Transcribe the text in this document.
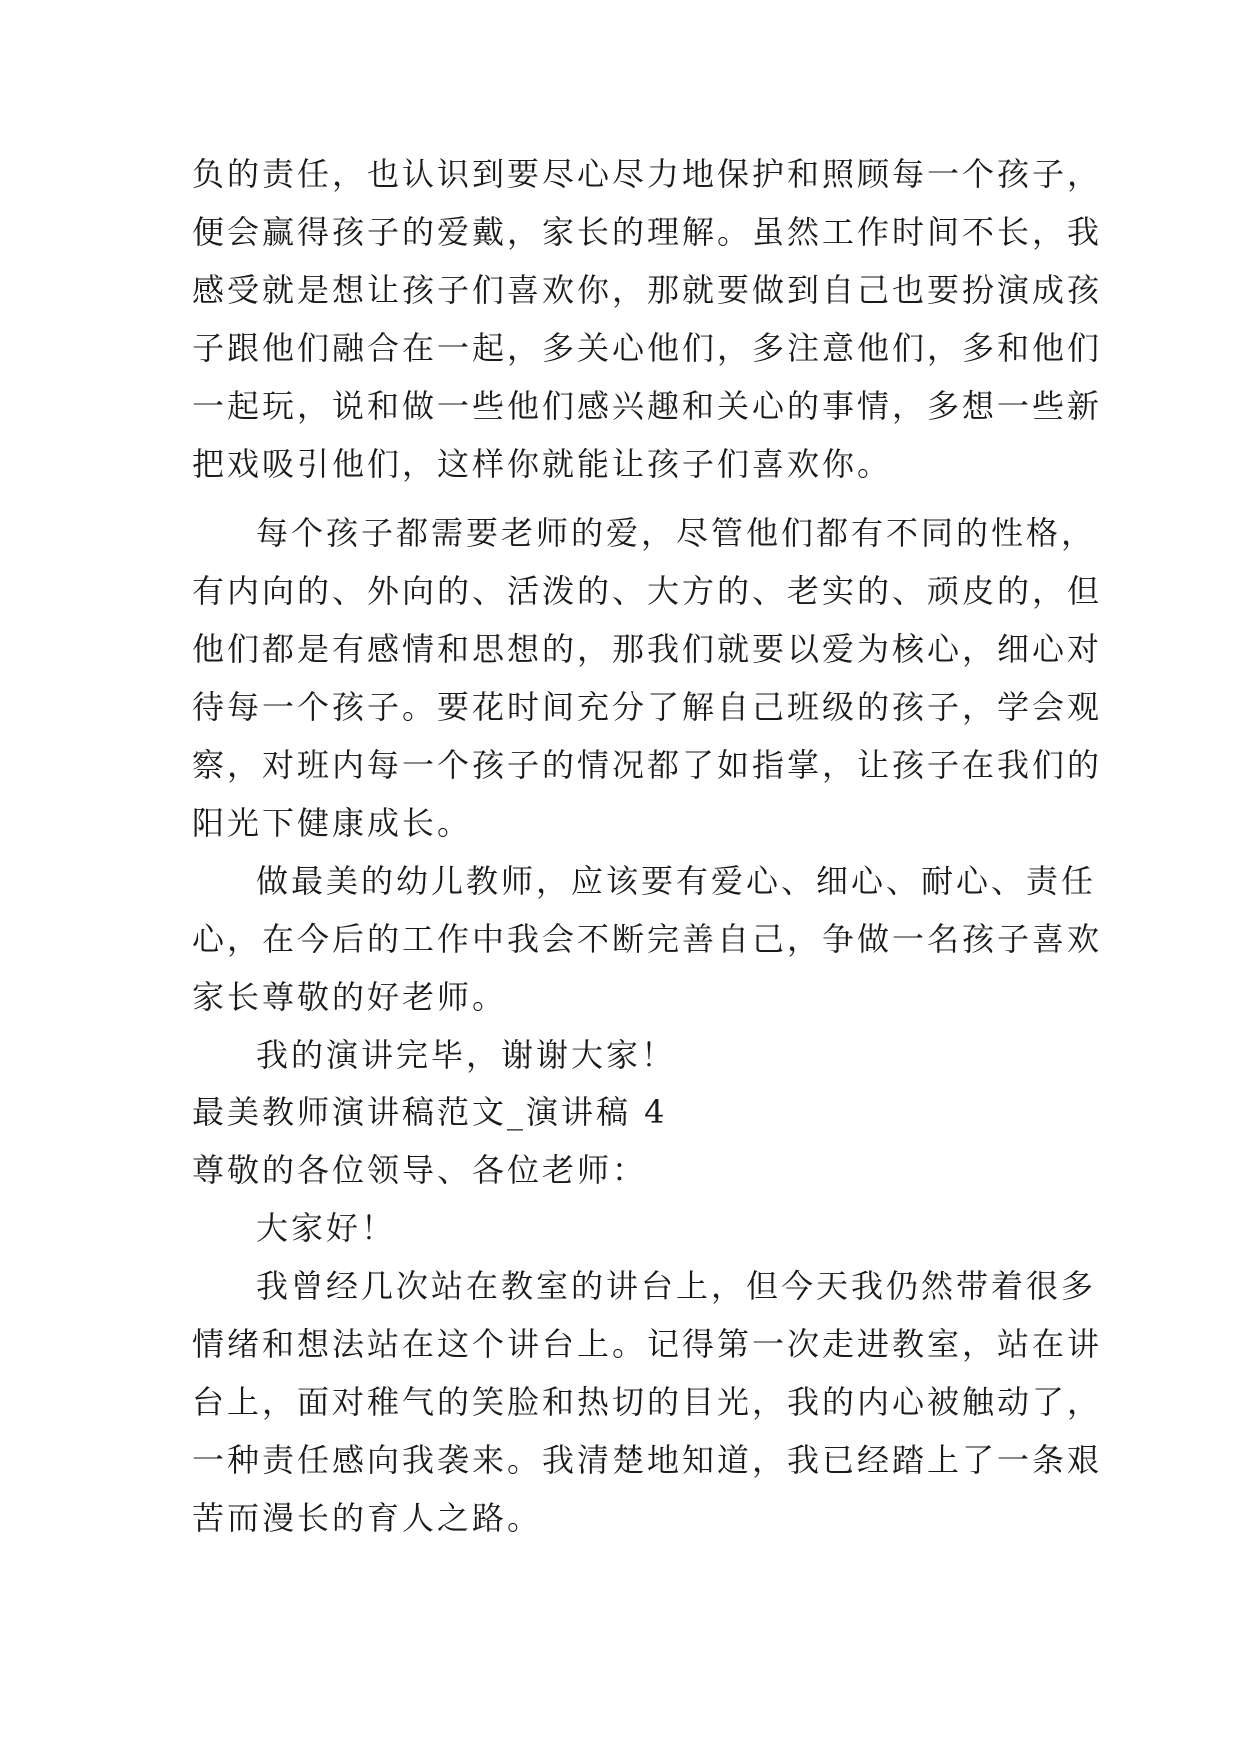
负的责任，也认识到要尽心尽力地保护和照顾每一个孩子，
便会赢得孩子的爱戴，家长的理解。虽然工作时间不长，我
感受就是想让孩子们喜欢你，那就要做到自己也要扮演成孩
子跟他们融合在一起，多关心他们，多注意他们，多和他们
一起玩，说和做一些他们感兴趣和关心的事情，多想一些新
把戏吸引他们，这样你就能让孩子们喜欢你。
每个孩子都需要老师的爱，尽管他们都有不同的性格，
有内向的、外向的、活泼的、大方的、老实的、顽皮的，但
他们都是有感情和思想的，那我们就要以爱为核心，细心对
待每一个孩子。要花时间充分了解自己班级的孩子，学会观
察，对班内每一个孩子的情况都了如指掌，让孩子在我们的
阳光下健康成长。
做最美的幼儿教师，应该要有爱心、细心、耐心、责任
心，在今后的工作中我会不断完善自己，争做一名孩子喜欢
家长尊敬的好老师。
我的演讲完毕，谢谢大家！
最美教师演讲稿范文_演讲稿 4
尊敬的各位领导、各位老师：
大家好！
我曾经几次站在教室的讲台上，但今天我仍然带着很多
情绪和想法站在这个讲台上。记得第一次走进教室，站在讲
台上，面对稚气的笑脸和热切的目光，我的内心被触动了，
一种责任感向我袭来。我清楚地知道，我已经踏上了一条艰
苦而漫长的育人之路。
